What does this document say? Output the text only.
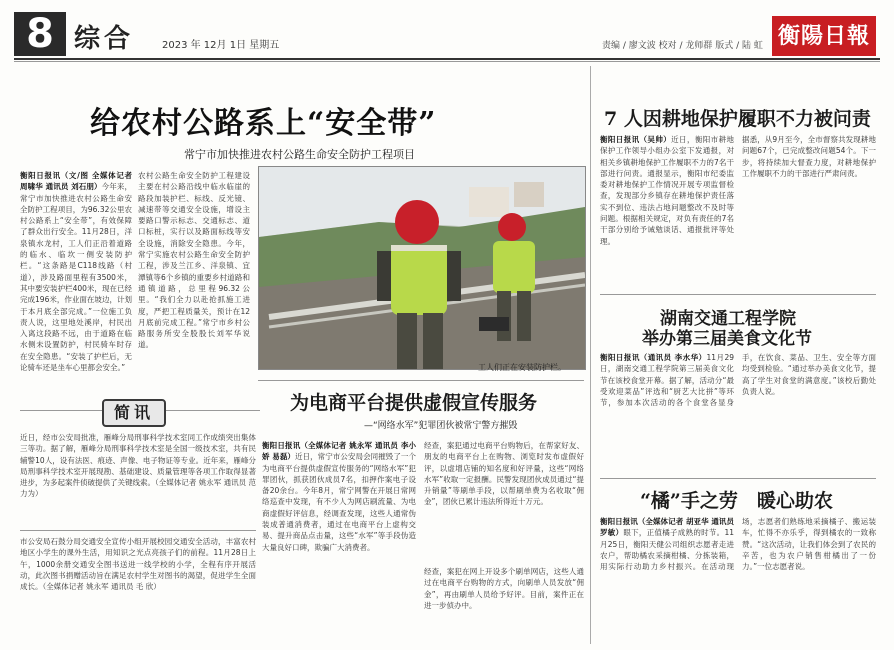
8 综合	2023 年 12月 1日 星期五	责编 / 廖文波 校对 / 龙师群 版式 / 陆 虹 衡陽日報
给农村公路系上“安全带”
常宁市加快推进农村公路生命安全防护工程项目

衡阳日报讯（文/图 全媒体记者 周啸华 通讯员 刘石朋）今年来，常宁市加快推进农村公路生命安全防护工程项目，为96.32公里农村公路系上“安全带”，有效保障了群众出行安全。11月28日，洋泉镇水龙村，工人们正沿着道路的临水、临坎一侧安装防护栏。“这条路是C118线路（村道），涉及路面里程有3500米，其中要安装护栏400米，现在已经完成196米，作业面在坡边，计划于本月底全部完成。”一位施工负责人说，这里地处溪岸，村民出入离这段路不远，由于道路在临水侧未设置防护，村民骑车时存在安全隐患。“安装了护栏后，无论骑车还是坐车心里都会安全。”

农村公路生命安全防护工程建设主要在村公路沿线中临水临崖的路段加装护栏、标线、反光镜、减速带等交通安全设施，增设主要路口警示标志、交通标志、道口标桩，实行以及路面标线等安全设施，消除安全隐患。今年，常宁实施农村公路生命安全防护工程，涉及兰江乡、洋泉镇、宜潭镇等6个乡镇的重要乡村道路和通镇道路，总里程96.32公里。“我们全力以赴抢抓施工进度，严把工程质量关，预计在12月底前完成工程。”常宁市乡村公路服务所安全股股长刘军华说道。

工人们正在安装防护栏。
简讯
近日，经市公安局批准，雁峰分局刑事科学技术室同工作成绩突出集体三等功。据了解，雁峰分局刑事科学技术室是全国一级技术室，共有民辅警10人，设有法医、痕迹、声像、电子物证等专业。近年来，雁峰分局刑事科学技术室开展现勘、基础建设、质量管理等各项工作取得显著进步，为多起案件侦破提供了关键线索。（全媒体记者 姚永军 通讯员 范力为）
市公安局石鼓分局交通安全宣传小组开展校园交通安全活动，丰富农村地区小学生的课外生活，用知识之光点亮孩子们的前程。11月28日上午，1000余册交通安全图书送进一线学校的小学，全程有序开展活动，此次图书捐赠活动旨在满足农村学生对图书的渴望，促进学生全面成长。（全媒体记者 姚永军 通讯员 毛 欣）
为电商平台提供虚假宣传服务
—“网络水军”犯罪团伙被常宁警方摧毁

衡阳日报讯（全媒体记者 姚永军 通讯员 李小娇 易磊）近日，常宁市公安局会同摧毁了一个为电商平台提供虚假宣传服务的“网络水军”犯罪团伙，抓获团伙成员7名，扣押作案电子设备20余台。今年8月，常宁网警在开展日常网络巡查中发现，有不少人为网店刷流量、为电商虚假好评信息，经调查发现，这些人通常伪装成普通消费者，通过在电商平台上虚构交易、提升商品点击量，这些“水军”等手段伪造大量良好口碑，欺骗广大消费者。

经查，案犯通过电商平台购物后，在帮家好友、朋友的电商平台上在购物、浏览时发布虚假好评，以虚增店铺的知名度和好评量，这些“网络水军”收取一定报酬。民警发现团伙成员通过“提升销量”等刷单手段，以帮刷单费为名收取“佣金”，团伙已累计违法所得近十万元。
经查，案犯在网上开设多个刷单网店，这些人通过在电商平台购物的方式，向刷单人员发放“佣金”，再由刷单人员给予好评。目前，案件正在进一步侦办中。
7 人因耕地保护履职不力被问责

衡阳日报讯（吴帅）近日，衡阳市耕地保护工作领导小组办公室下发通报，对相关乡镇耕地保护工作履职不力的7名干部进行问责。通报显示，衡阳市纪委监委对耕地保护工作情况开展专项监督检查，发现部分乡镇存在耕地保护责任落实不到位、违法占地问题整改不及时等问题。根据相关规定，对负有责任的7名干部分别给予诫勉谈话、通报批评等处理。

据悉，从9月至今，全市督察共发现耕地问题67个，已完成整改问题54个。下一步，将持续加大督查力度，对耕地保护工作履职不力的干部进行严肃问责。
湖南交通工程学院
举办第三届美食文化节

衡阳日报讯（通讯员 李水华）11月29日，湖南交通工程学院第三届美食文化节在该校食堂开幕。据了解，活动分“最受欢迎菜品”评选和“厨艺大比拼”等环节，参加本次活动的各个食堂各显身手，在饮食、菜品、卫生、安全等方面均受到检验。“通过举办美食文化节，提高了学生对食堂的满意度。”该校后勤处负责人说。

“橘”手之劳　暖心助农

衡阳日报讯（全媒体记者 胡亚华 通讯员 罗敏）眼下，正值橘子成熟的时节。11月25日，衡阳天健公司组织志愿者走进农户，帮助橘农采摘柑橘、分拣装箱，用实际行动助力乡村振兴。在活动现场，志愿者们熟练地采摘橘子、搬运装车，忙得不亦乐乎，得到橘农的一致称赞。“这次活动，让我们体会到了农民的辛苦，也为农户销售柑橘出了一份力。”一位志愿者说。
